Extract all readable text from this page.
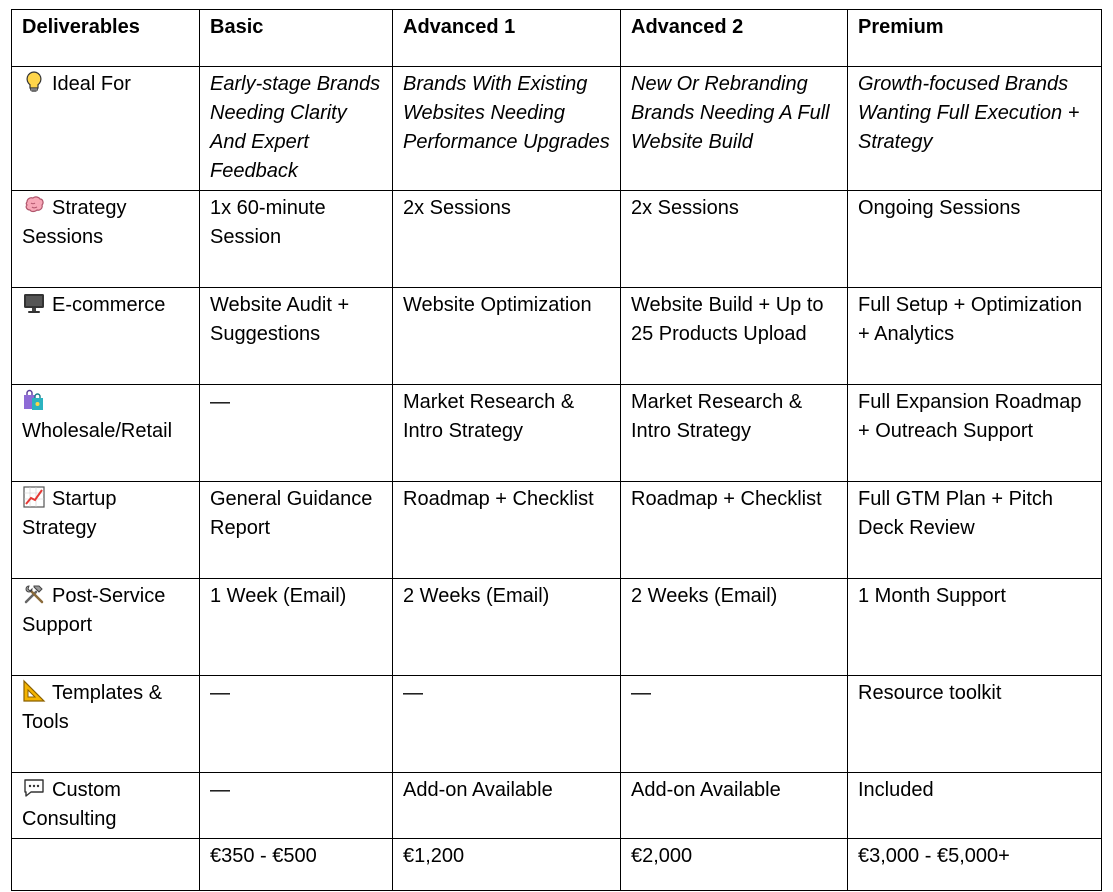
Deliverables	Basic	Advanced 1	Advanced 2	Premium

Ideal For	Early-stage Brands Needing Clarity And Expert Feedback	Brands With Existing Websites Needing Performance Upgrades	New Or Rebranding Brands Needing A Full Website Build	Growth-focused Brands Wanting Full Execution + Strategy

Strategy Sessions	1x 60-minute Session	2x Sessions	2x Sessions	Ongoing Sessions

E-commerce	Website Audit + Suggestions	Website Optimization	Website Build + Up to 25 Products Upload	Full Setup + Optimization + Analytics

Wholesale/Retail	—	Market Research & Intro Strategy	Market Research & Intro Strategy	Full Expansion Roadmap + Outreach Support

Startup Strategy	General Guidance Report	Roadmap + Checklist	Roadmap + Checklist	Full GTM Plan + Pitch Deck Review

Post-Service Support	1 Week (Email)	2 Weeks (Email)	2 Weeks (Email)	1 Month Support

Templates & Tools	—	—	—	Resource toolkit

Custom Consulting	—	Add-on Available	Add-on Available	Included
	€350 - €500	€1,200	€2,000	€3,000 - €5,000+
